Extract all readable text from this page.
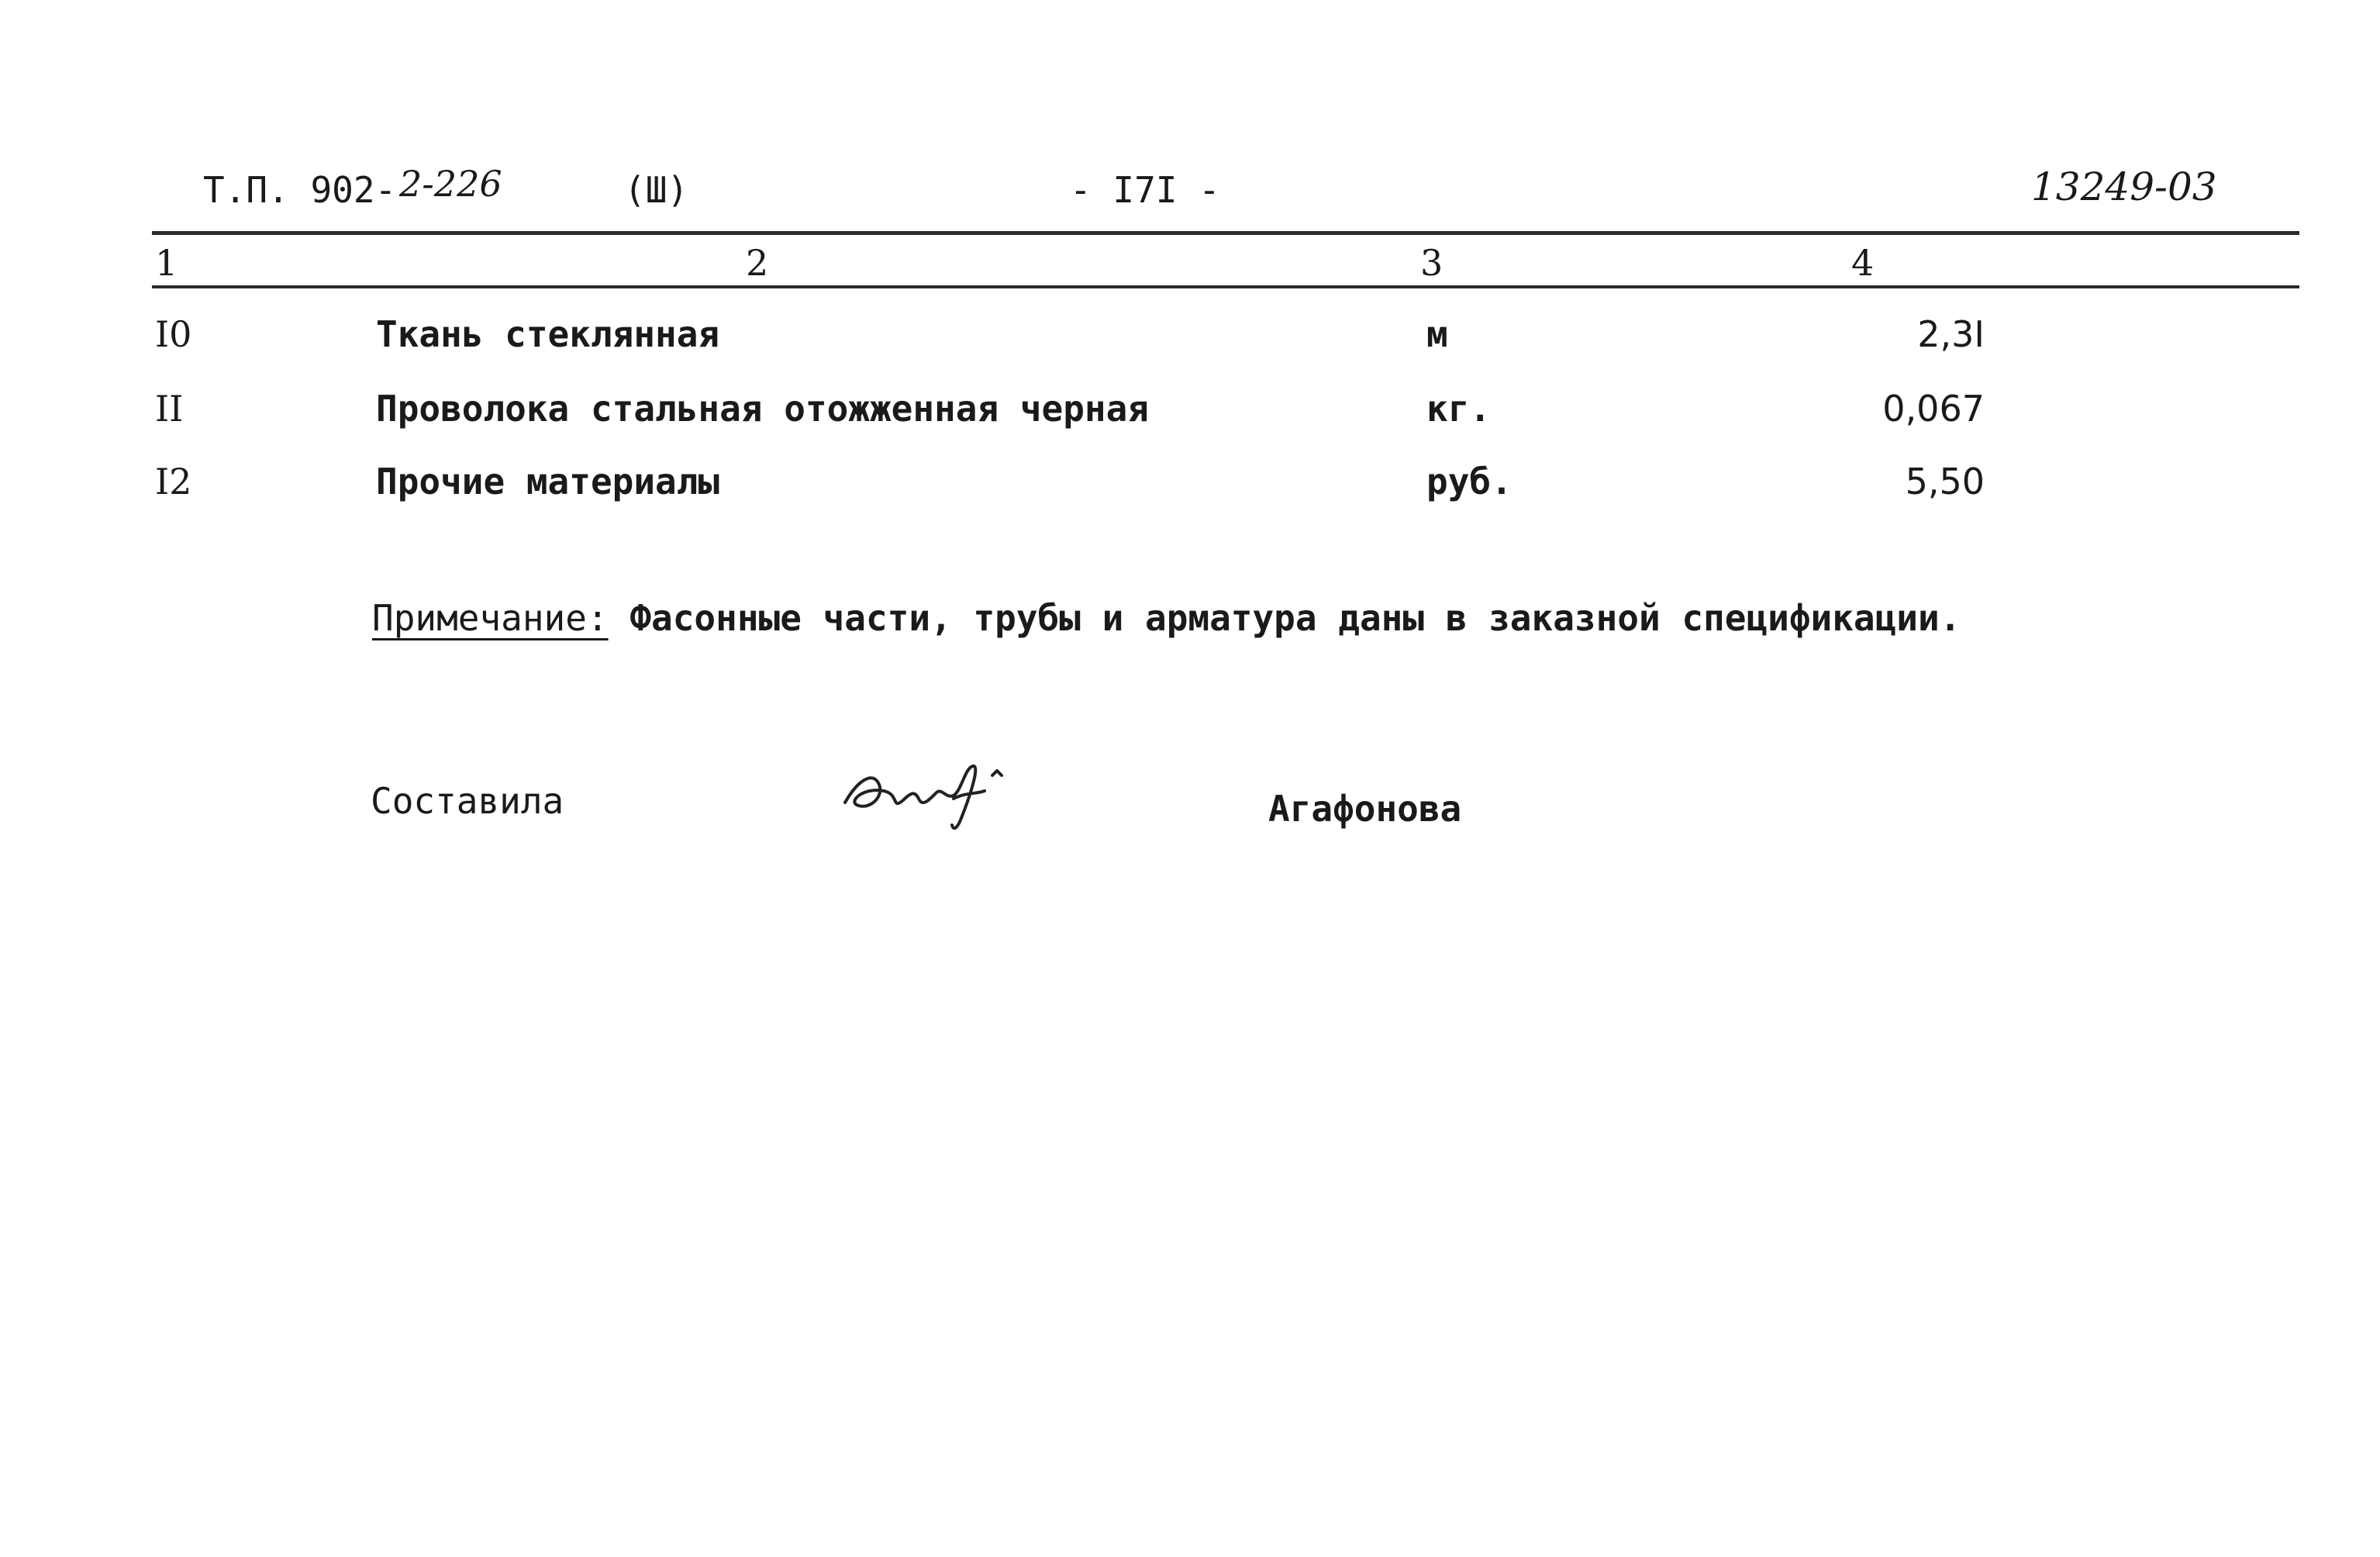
Т.П. 902- 2-226	(Ш)	- I7I -	13249-03
1	2	3	4
I0	Ткань стеклянная	м	2,3I
II	Проволока стальная отожженная черная	кг.	0,067
I2	Прочие материалы	руб.	5,50
Примечание: Фасонные части, трубы и арматура даны в заказной спецификации.
Составила	Агафонова
